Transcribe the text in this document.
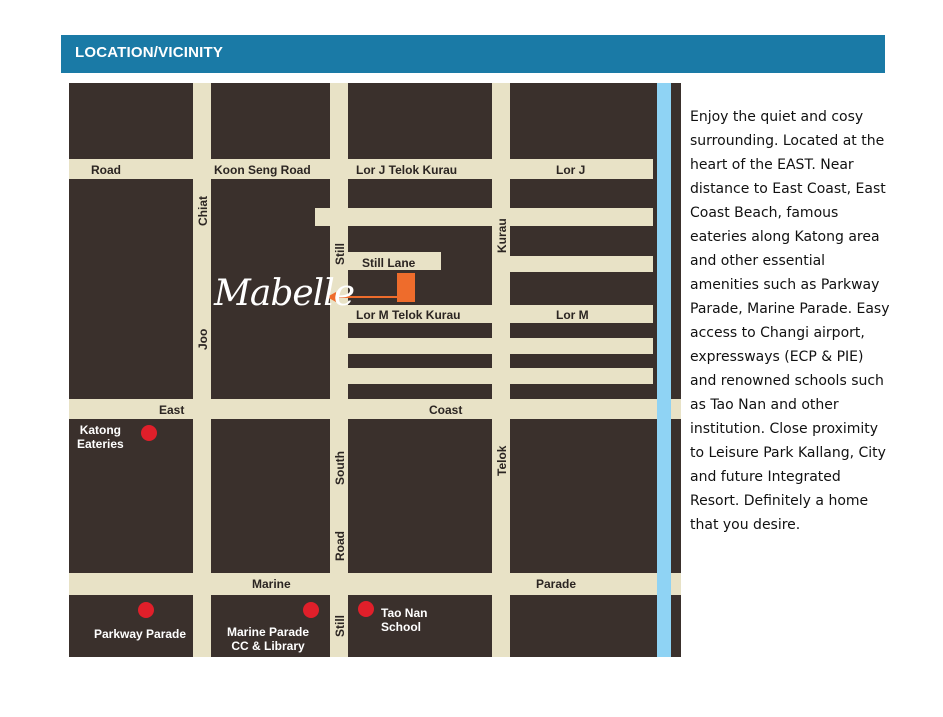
LOCATION/VICINITY
Road	Koon Seng Road	Lor J Telok Kurau	Lor J
Chiat
Joo
Still Still Lane
Kurau
Lor M Telok Kurau	Lor M
East	Coast
South
Road
Telok
Marine	Parade
Still
Mabelle
Katong
Eateries
Parkway Parade	Marine Parade
CC & Library
Tao Nan
School
Enjoy the quiet and cosy surrounding. Located at the heart of the EAST. Near distance to East Coast, East Coast Beach, famous eateries along Katong area and other essential amenities such as Parkway Parade, Marine Parade. Easy access to Changi airport, expressways (ECP & PIE) and renowned schools such as Tao Nan and other institution. Close proximity to Leisure Park Kallang, City and future Integrated Resort. Definitely a home that you desire.
